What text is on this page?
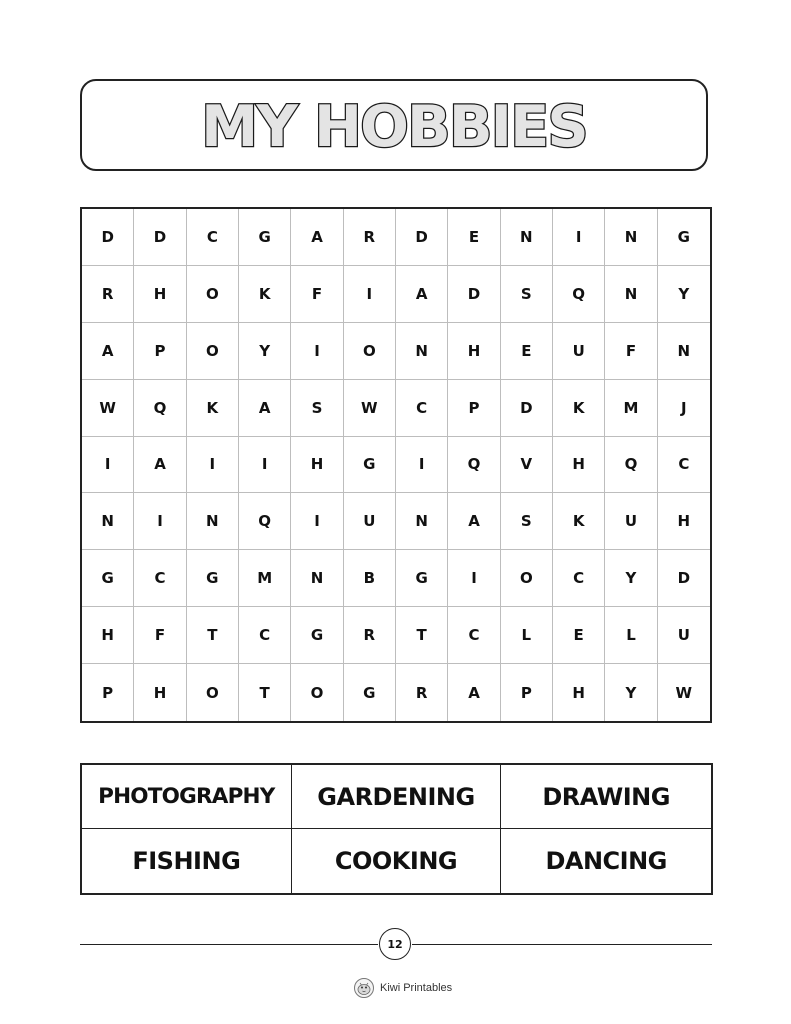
MY HOBBIES
D	D	C	G	A	R	D	E	N	I	N	G
R	H	O	K	F	I	A	D	S	Q	N	Y
A	P	O	Y	I	O	N	H	E	U	F	N
W	Q	K	A	S	W	C	P	D	K	M	J
I	A	I	I	H	G	I	Q	V	H	Q	C
N	I	N	Q	I	U	N	A	S	K	U	H
G	C	G	M	N	B	G	I	O	C	Y	D
H	F	T	C	G	R	T	C	L	E	L	U
P	H	O	T	O	G	R	A	P	H	Y	W
PHOTOGRAPHY	GARDENING	DRAWING
FISHING	COOKING	DANCING
12
Kiwi Printables
